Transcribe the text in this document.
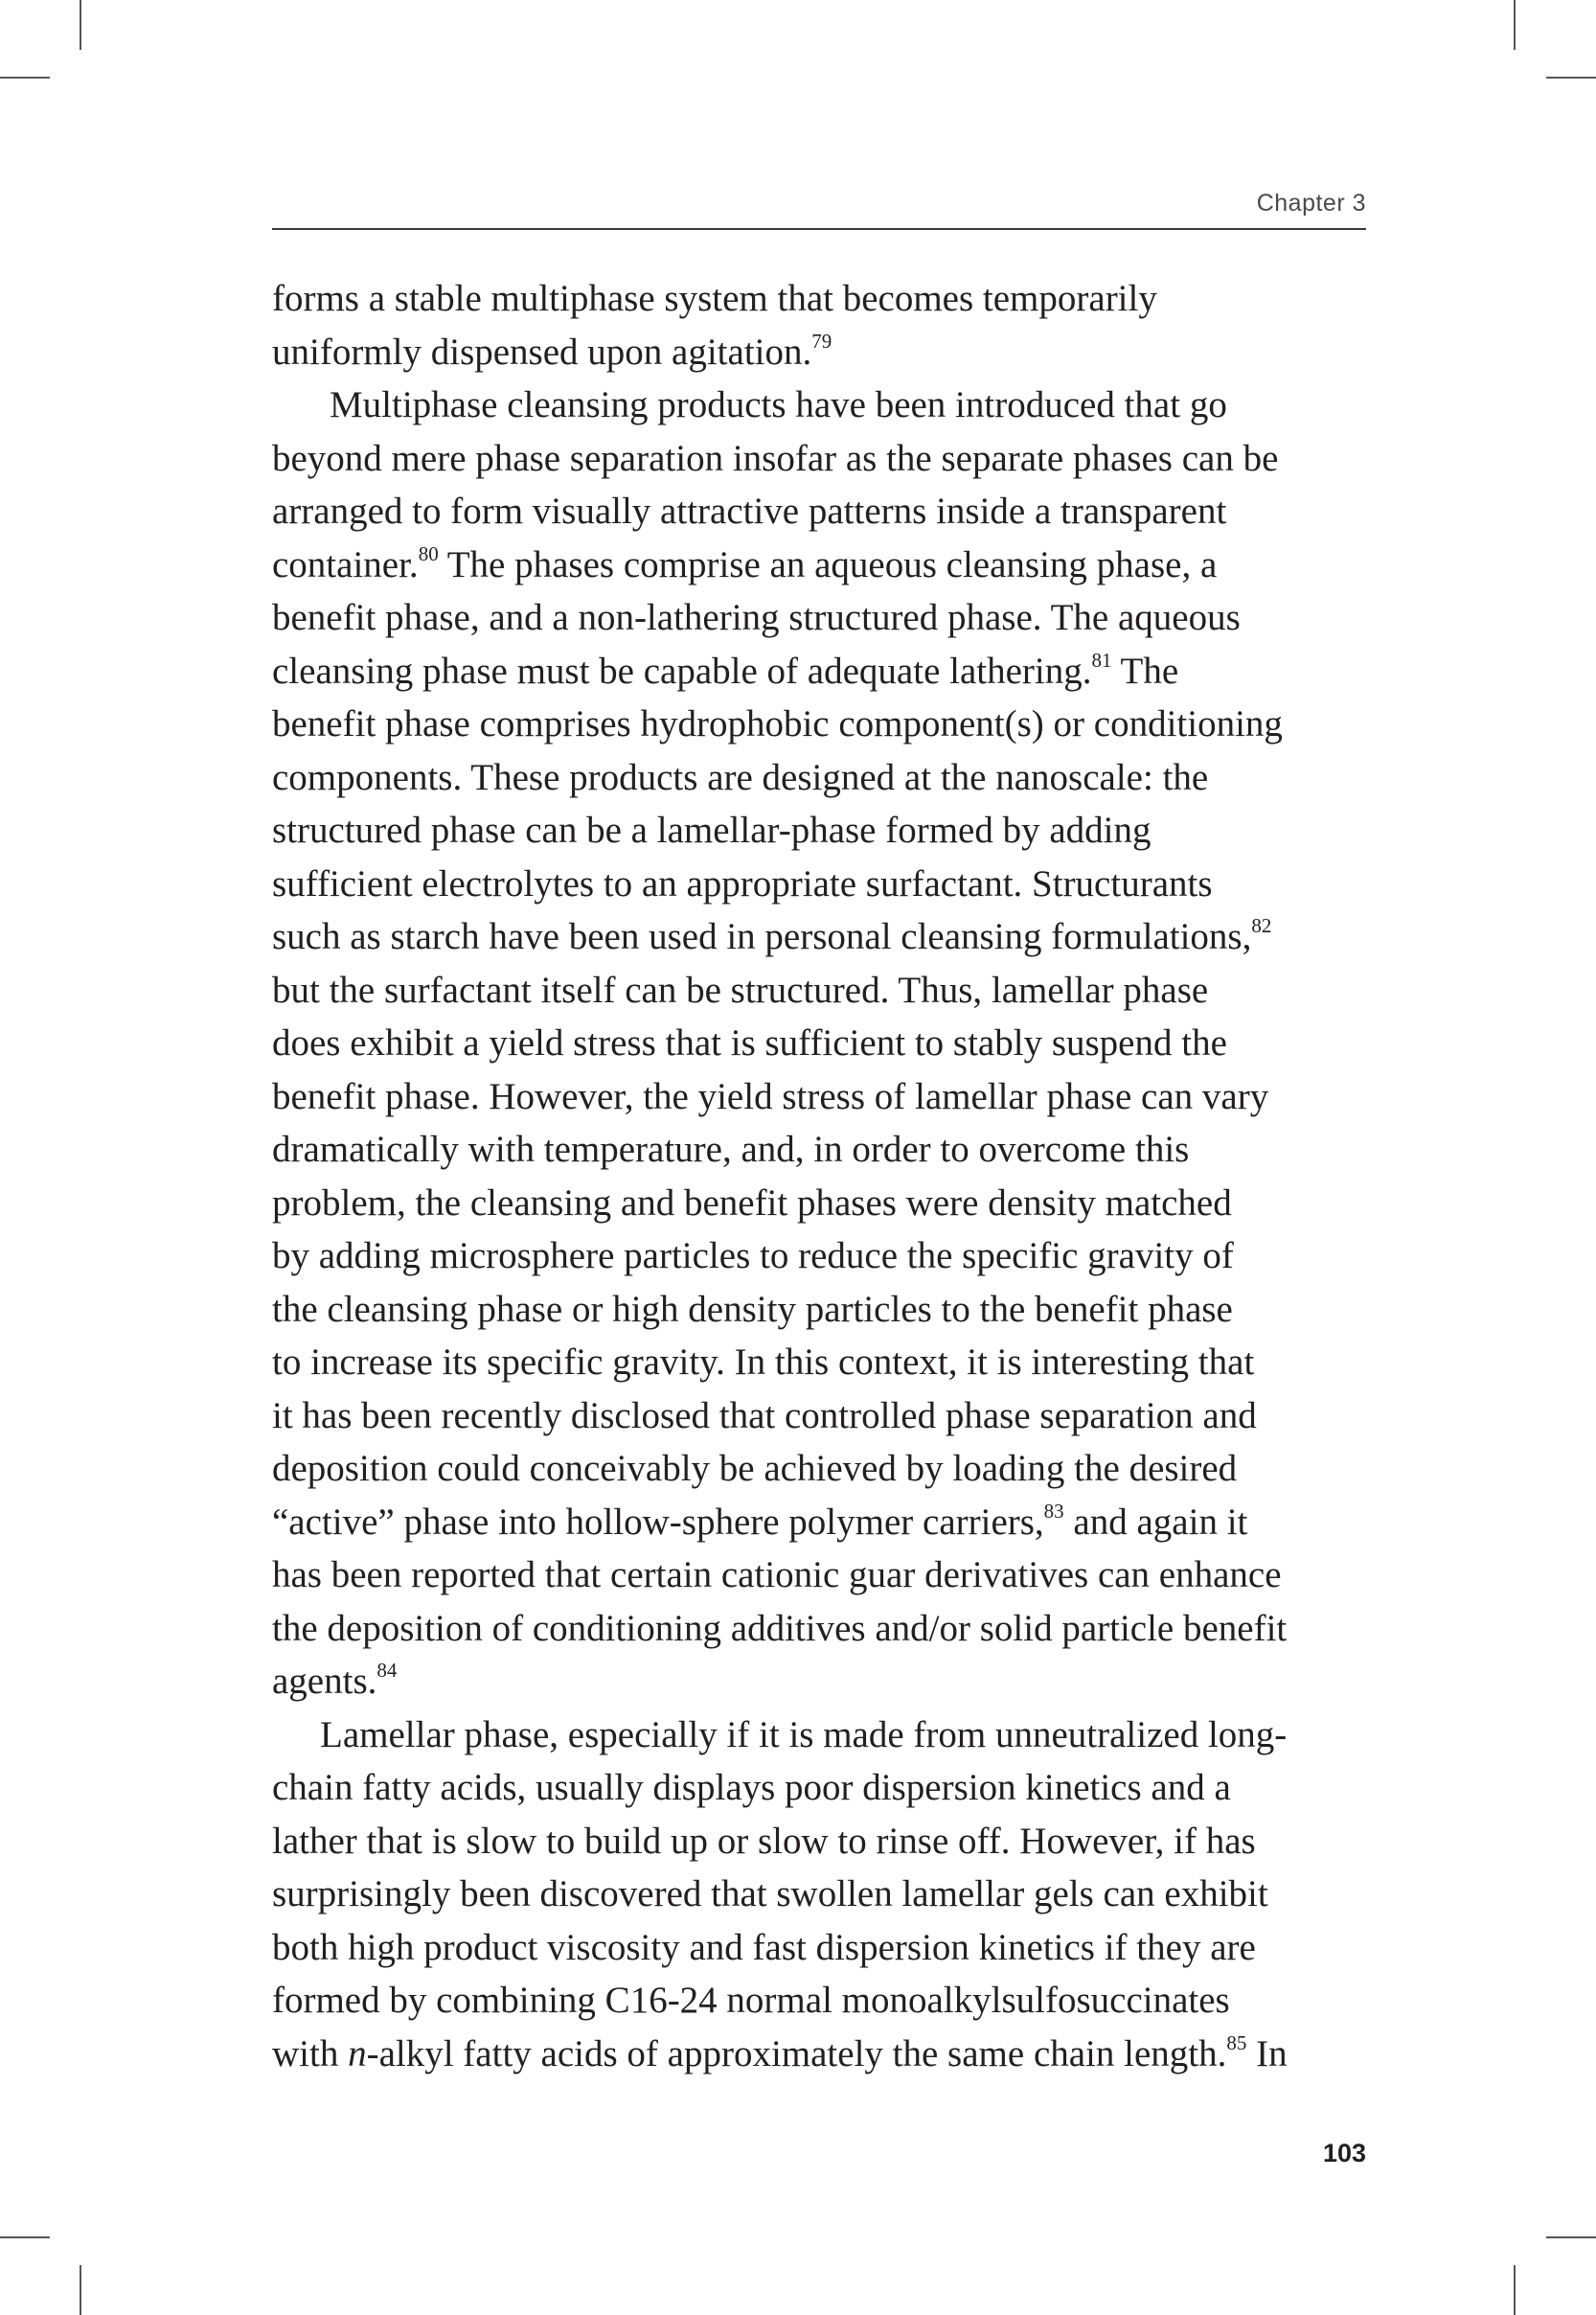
Chapter 3
forms a stable multiphase system that becomes temporarily
uniformly dispensed upon agitation.$^{79}$
Multiphase cleansing products have been introduced that go
beyond mere phase separation insofar as the separate phases can be
arranged to form visually attractive patterns inside a transparent
container.$^{80}$ The phases comprise an aqueous cleansing phase, a
benefit phase, and a non-lathering structured phase. The aqueous
cleansing phase must be capable of adequate lathering.$^{81}$ The
benefit phase comprises hydrophobic component(s) or conditioning
components. These products are designed at the nanoscale: the
structured phase can be a lamellar-phase formed by adding
sufficient electrolytes to an appropriate surfactant. Structurants
such as starch have been used in personal cleansing formulations,$^{82}$
but the surfactant itself can be structured. Thus, lamellar phase
does exhibit a yield stress that is sufficient to stably suspend the
benefit phase. However, the yield stress of lamellar phase can vary
dramatically with temperature, and, in order to overcome this
problem, the cleansing and benefit phases were density matched
by adding microsphere particles to reduce the specific gravity of
the cleansing phase or high density particles to the benefit phase
to increase its specific gravity. In this context, it is interesting that
it has been recently disclosed that controlled phase separation and
deposition could conceivably be achieved by loading the desired
“active” phase into hollow-sphere polymer carriers,$^{83}$ and again it
has been reported that certain cationic guar derivatives can enhance
the deposition of conditioning additives and/or solid particle benefit
agents.$^{84}$
Lamellar phase, especially if it is made from unneutralized long-
chain fatty acids, usually displays poor dispersion kinetics and a
lather that is slow to build up or slow to rinse off. However, if has
surprisingly been discovered that swollen lamellar gels can exhibit
both high product viscosity and fast dispersion kinetics if they are
formed by combining C16-24 normal monoalkylsulfosuccinates
with n-alkyl fatty acids of approximately the same chain length.$^{85}$ In
103
